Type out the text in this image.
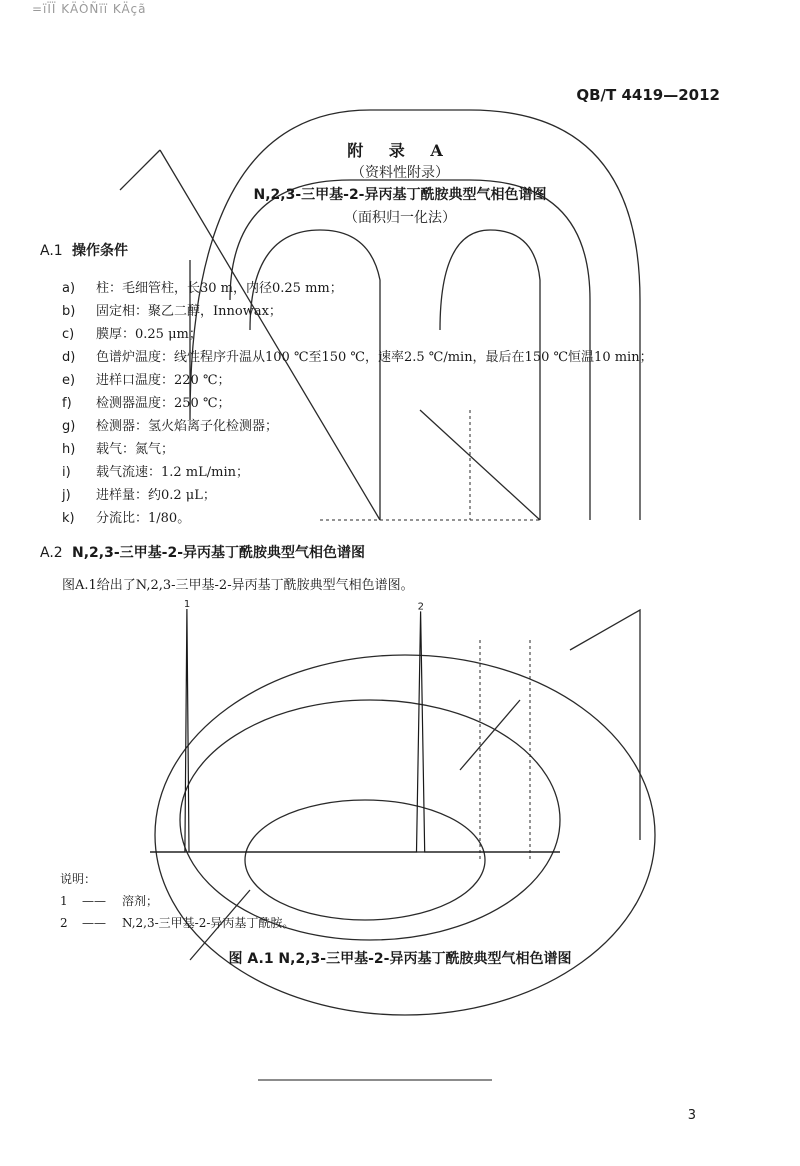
=ïÏÏ KÄÒÑïï KÄçã
QB/T 4419—2012
附 录 A
（资料性附录）
N,2,3-三甲基-2-异丙基丁酰胺典型气相色谱图
（面积归一化法）
A.1 操作条件
a) 柱：毛细管柱，长30 m，内径0.25 mm；
b) 固定相：聚乙二醇，Innowax；
c) 膜厚：0.25 μm；
d) 色谱炉温度：线性程序升温从100 ℃至150 ℃，速率2.5 ℃/min，最后在150 ℃恒温10 min；
e) 进样口温度：220 ℃；
f) 检测器温度：250 ℃；
g) 检测器：氢火焰离子化检测器；
h) 载气：氮气；
i) 载气流速：1.2 mL/min；
j) 进样量：约0.2 μL；
k) 分流比：1/80。
A.2 N,2,3-三甲基-2-异丙基丁酰胺典型气相色谱图
图A.1给出了N,2,3-三甲基-2-异丙基丁酰胺典型气相色谱图。
1	2
说明：
1 —— 溶剂；
2 —— N,2,3-三甲基-2-异丙基丁酰胺。
图 A.1 N,2,3-三甲基-2-异丙基丁酰胺典型气相色谱图
3
